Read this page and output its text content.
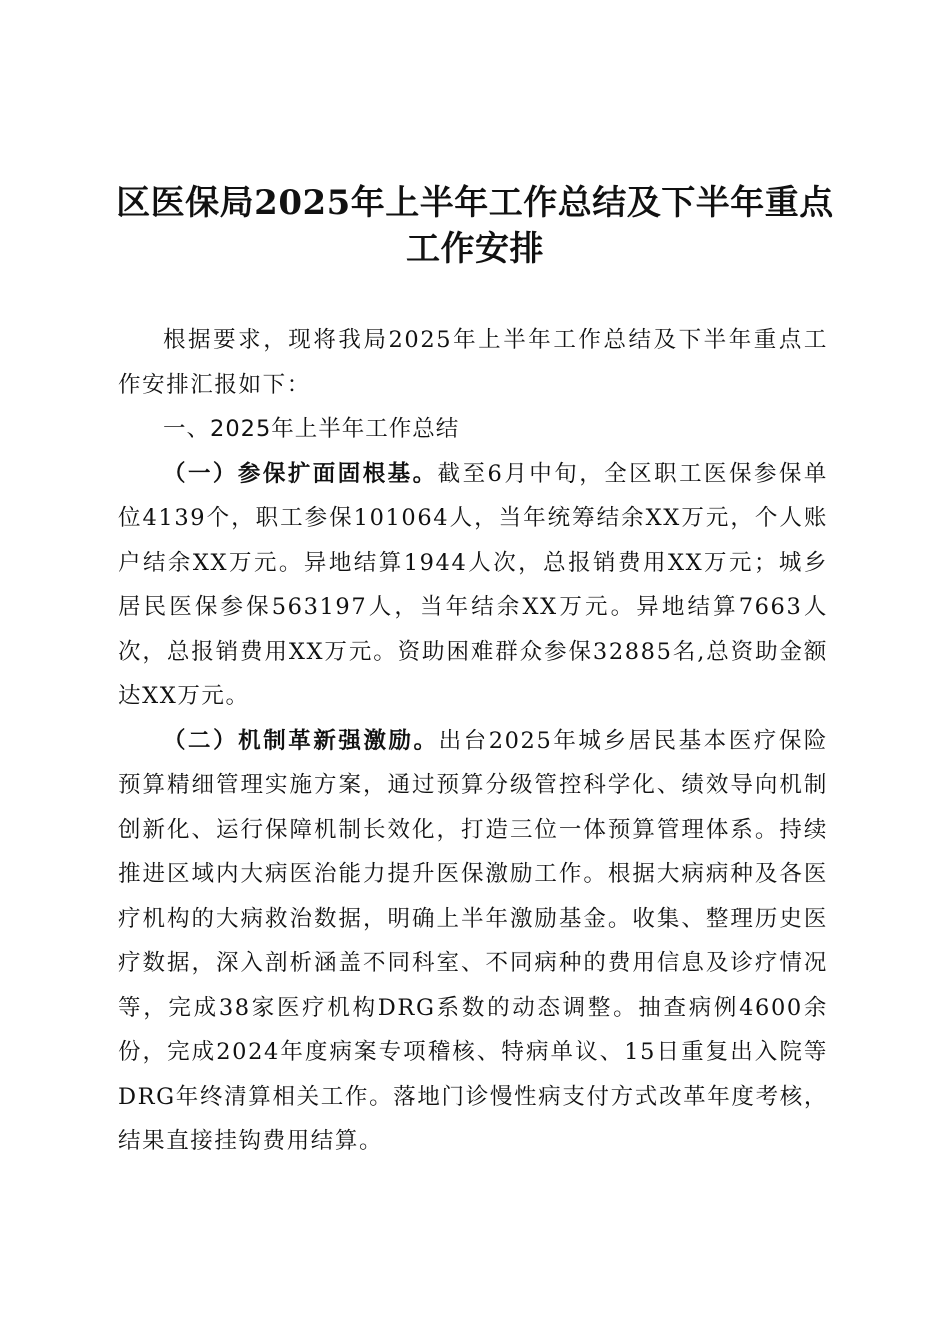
区医保局2025年上半年工作总结及下半年重点工作安排

根据要求，现将我局2025年上半年工作总结及下半年重点工作安排汇报如下：

一、2025年上半年工作总结

（一）参保扩面固根基。截至6月中旬，全区职工医保参保单位4139个，职工参保101064人，当年统筹结余XX万元，个人账户结余XX万元。异地结算1944人次，总报销费用XX万元；城乡居民医保参保563197人，当年结余XX万元。异地结算7663人次，总报销费用XX万元。资助困难群众参保32885名,总资助金额达XX万元。

（二）机制革新强激励。出台2025年城乡居民基本医疗保险预算精细管理实施方案，通过预算分级管控科学化、绩效导向机制创新化、运行保障机制长效化，打造三位一体预算管理体系。持续推进区域内大病医治能力提升医保激励工作。根据大病病种及各医疗机构的大病救治数据，明确上半年激励基金。收集、整理历史医疗数据，深入剖析涵盖不同科室、不同病种的费用信息及诊疗情况等，完成38家医疗机构DRG系数的动态调整。抽查病例4600余份，完成2024年度病案专项稽核、特病单议、15日重复出入院等DRG年终清算相关工作。落地门诊慢性病支付方式改革年度考核，结果直接挂钩费用结算。
